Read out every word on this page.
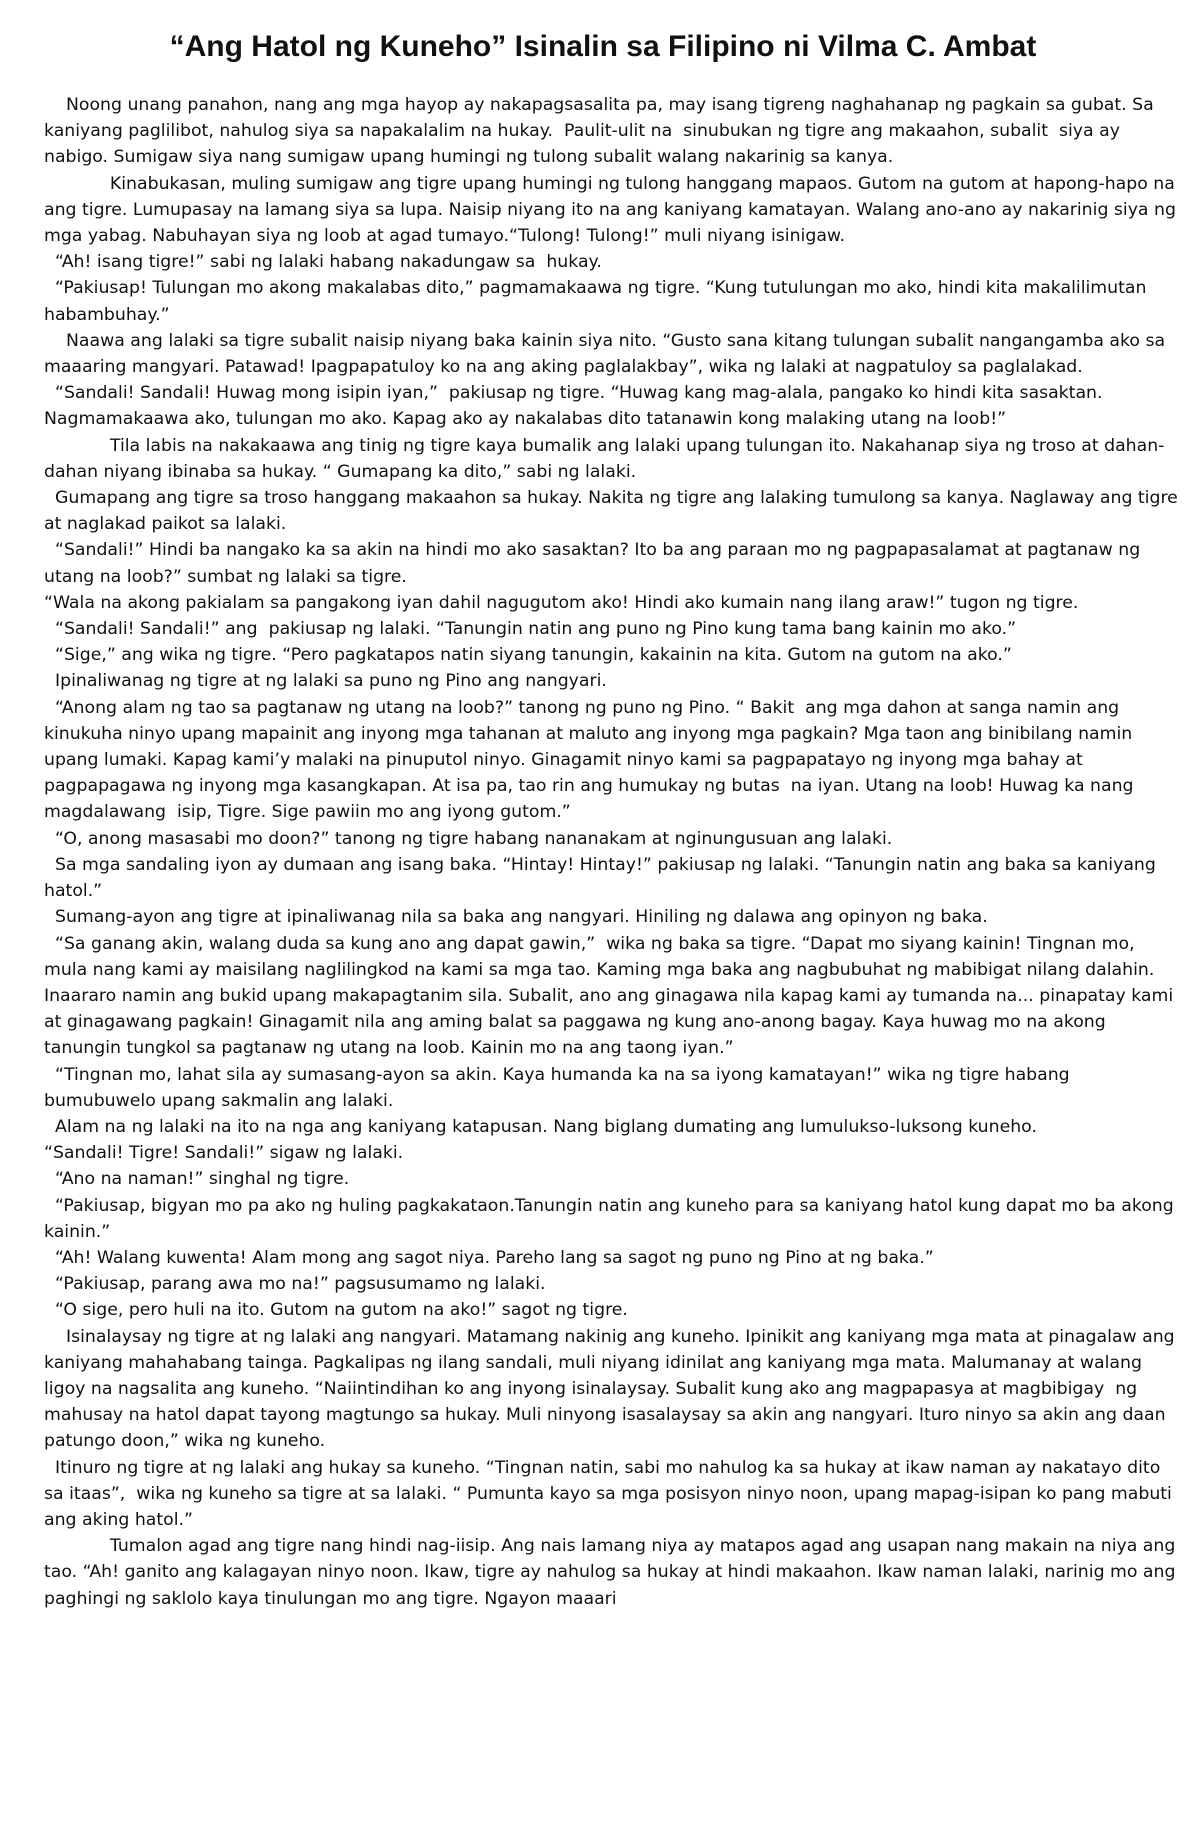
“Ang Hatol ng Kuneho” Isinalin sa Filipino ni Vilma C. Ambat

Noong unang panahon, nang ang mga hayop ay nakapagsasalita pa, may isang tigreng naghahanap ng pagkain sa gubat. Sa kaniyang paglilibot, nahulog siya sa napakalalim na hukay.  Paulit-ulit na  sinubukan ng tigre ang makaahon, subalit  siya ay nabigo. Sumigaw siya nang sumigaw upang humingi ng tulong subalit walang nakarinig sa kanya.

Kinabukasan, muling sumigaw ang tigre upang humingi ng tulong hanggang mapaos. Gutom na gutom at hapong-hapo na ang tigre. Lumupasay na lamang siya sa lupa. Naisip niyang ito na ang kaniyang kamatayan. Walang ano-ano ay nakarinig siya ng mga yabag. Nabuhayan siya ng loob at agad tumayo.“Tulong! Tulong!” muli niyang isinigaw.

“Ah! isang tigre!” sabi ng lalaki habang nakadungaw sa  hukay.

“Pakiusap! Tulungan mo akong makalabas dito,” pagmamakaawa ng tigre. “Kung tutulungan mo ako, hindi kita makalilimutan habambuhay.”

Naawa ang lalaki sa tigre subalit naisip niyang baka kainin siya nito. “Gusto sana kitang tulungan subalit nangangamba ako sa maaaring mangyari. Patawad! Ipagpapatuloy ko na ang aking paglalakbay”, wika ng lalaki at nagpatuloy sa paglalakad.

“Sandali! Sandali! Huwag mong isipin iyan,”  pakiusap ng tigre. “Huwag kang mag-alala, pangako ko hindi kita sasaktan. Nagmamakaawa ako, tulungan mo ako. Kapag ako ay nakalabas dito tatanawin kong malaking utang na loob!”

Tila labis na nakakaawa ang tinig ng tigre kaya bumalik ang lalaki upang tulungan ito. Nakahanap siya ng troso at dahan-dahan niyang ibinaba sa hukay. “ Gumapang ka dito,” sabi ng lalaki.

Gumapang ang tigre sa troso hanggang makaahon sa hukay. Nakita ng tigre ang lalaking tumulong sa kanya. Naglaway ang tigre at naglakad paikot sa lalaki.

“Sandali!” Hindi ba nangako ka sa akin na hindi mo ako sasaktan? Ito ba ang paraan mo ng pagpapasalamat at pagtanaw ng utang na loob?” sumbat ng lalaki sa tigre.

“Wala na akong pakialam sa pangakong iyan dahil nagugutom ako! Hindi ako kumain nang ilang araw!” tugon ng tigre.

“Sandali! Sandali!” ang  pakiusap ng lalaki. “Tanungin natin ang puno ng Pino kung tama bang kainin mo ako.”

“Sige,” ang wika ng tigre. “Pero pagkatapos natin siyang tanungin, kakainin na kita. Gutom na gutom na ako.”

Ipinaliwanag ng tigre at ng lalaki sa puno ng Pino ang nangyari.

“Anong alam ng tao sa pagtanaw ng utang na loob?” tanong ng puno ng Pino. “ Bakit  ang mga dahon at sanga namin ang kinukuha ninyo upang mapainit ang inyong mga tahanan at maluto ang inyong mga pagkain? Mga taon ang binibilang namin upang lumaki. Kapag kami’y malaki na pinuputol ninyo. Ginagamit ninyo kami sa pagpapatayo ng inyong mga bahay at pagpapagawa ng inyong mga kasangkapan. At isa pa, tao rin ang humukay ng butas  na iyan. Utang na loob! Huwag ka nang magdalawang  isip, Tigre. Sige pawiin mo ang iyong gutom.”

“O, anong masasabi mo doon?” tanong ng tigre habang nananakam at nginungusuan ang lalaki.

Sa mga sandaling iyon ay dumaan ang isang baka. “Hintay! Hintay!” pakiusap ng lalaki. “Tanungin natin ang baka sa kaniyang hatol.”

Sumang-ayon ang tigre at ipinaliwanag nila sa baka ang nangyari. Hiniling ng dalawa ang opinyon ng baka.

“Sa ganang akin, walang duda sa kung ano ang dapat gawin,”  wika ng baka sa tigre. “Dapat mo siyang kainin! Tingnan mo, mula nang kami ay maisilang naglilingkod na kami sa mga tao. Kaming mga baka ang nagbubuhat ng mabibigat nilang dalahin. Inaararo namin ang bukid upang makapagtanim sila. Subalit, ano ang ginagawa nila kapag kami ay tumanda na... pinapatay kami at ginagawang pagkain! Ginagamit nila ang aming balat sa paggawa ng kung ano-anong bagay. Kaya huwag mo na akong tanungin tungkol sa pagtanaw ng utang na loob. Kainin mo na ang taong iyan.”

“Tingnan mo, lahat sila ay sumasang-ayon sa akin. Kaya humanda ka na sa iyong kamatayan!” wika ng tigre habang bumubuwelo upang sakmalin ang lalaki.

Alam na ng lalaki na ito na nga ang kaniyang katapusan. Nang biglang dumating ang lumulukso-luksong kuneho.

“Sandali! Tigre! Sandali!” sigaw ng lalaki.

“Ano na naman!” singhal ng tigre.

“Pakiusap, bigyan mo pa ako ng huling pagkakataon.Tanungin natin ang kuneho para sa kaniyang hatol kung dapat mo ba akong kainin.”

“Ah! Walang kuwenta! Alam mong ang sagot niya. Pareho lang sa sagot ng puno ng Pino at ng baka.”

“Pakiusap, parang awa mo na!” pagsusumamo ng lalaki.

“O sige, pero huli na ito. Gutom na gutom na ako!” sagot ng tigre.

Isinalaysay ng tigre at ng lalaki ang nangyari. Matamang nakinig ang kuneho. Ipinikit ang kaniyang mga mata at pinagalaw ang kaniyang mahahabang tainga. Pagkalipas ng ilang sandali, muli niyang idinilat ang kaniyang mga mata. Malumanay at walang ligoy na nagsalita ang kuneho. “Naiintindihan ko ang inyong isinalaysay. Subalit kung ako ang magpapasya at magbibigay  ng mahusay na hatol dapat tayong magtungo sa hukay. Muli ninyong isasalaysay sa akin ang nangyari. Ituro ninyo sa akin ang daan patungo doon,” wika ng kuneho.

Itinuro ng tigre at ng lalaki ang hukay sa kuneho. “Tingnan natin, sabi mo nahulog ka sa hukay at ikaw naman ay nakatayo dito sa itaas”,  wika ng kuneho sa tigre at sa lalaki. “ Pumunta kayo sa mga posisyon ninyo noon, upang mapag-isipan ko pang mabuti ang aking hatol.”

Tumalon agad ang tigre nang hindi nag-iisip. Ang nais lamang niya ay matapos agad ang usapan nang makain na niya ang tao. “Ah! ganito ang kalagayan ninyo noon. Ikaw, tigre ay nahulog sa hukay at hindi makaahon. Ikaw naman lalaki, narinig mo ang paghingi ng saklolo kaya tinulungan mo ang tigre. Ngayon maaari
